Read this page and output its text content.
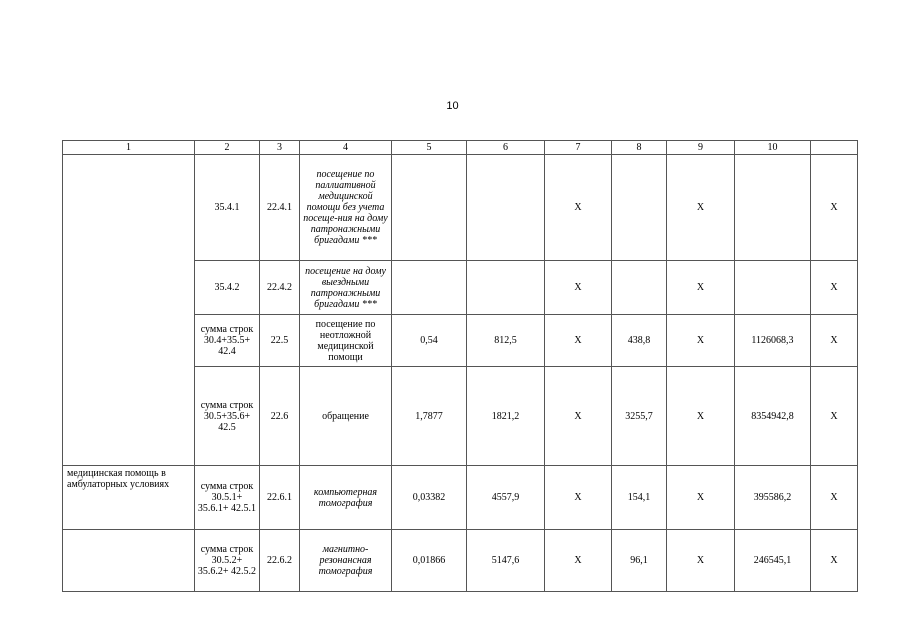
10
1	2	3	4	5	6	7	8	9	10	
	35.4.1	22.4.1	посещение по паллиативной медицинской помощи без учета посеще-ния на дому патронажными бригадами ***			X		X		X
	35.4.2	22.4.2	посещение на дому выездными патронажными бригадами ***			X		X		X
	сумма строк 30.4+35.5+ 42.4	22.5	посещение по неотложной медицинской помощи	0,54	812,5	X	438,8	X	1126068,3	X
	сумма строк 30.5+35.6+ 42.5	22.6	обращение	1,7877	1821,2	X	3255,7	X	8354942,8	X
медицинская помощь в амбулаторных условиях	сумма строк 30.5.1+ 35.6.1+ 42.5.1	22.6.1	компьютерная томография	0,03382	4557,9	X	154,1	X	395586,2	X
	сумма строк 30.5.2+ 35.6.2+ 42.5.2	22.6.2	магнитно-резонансная томография	0,01866	5147,6	X	96,1	X	246545,1	X
